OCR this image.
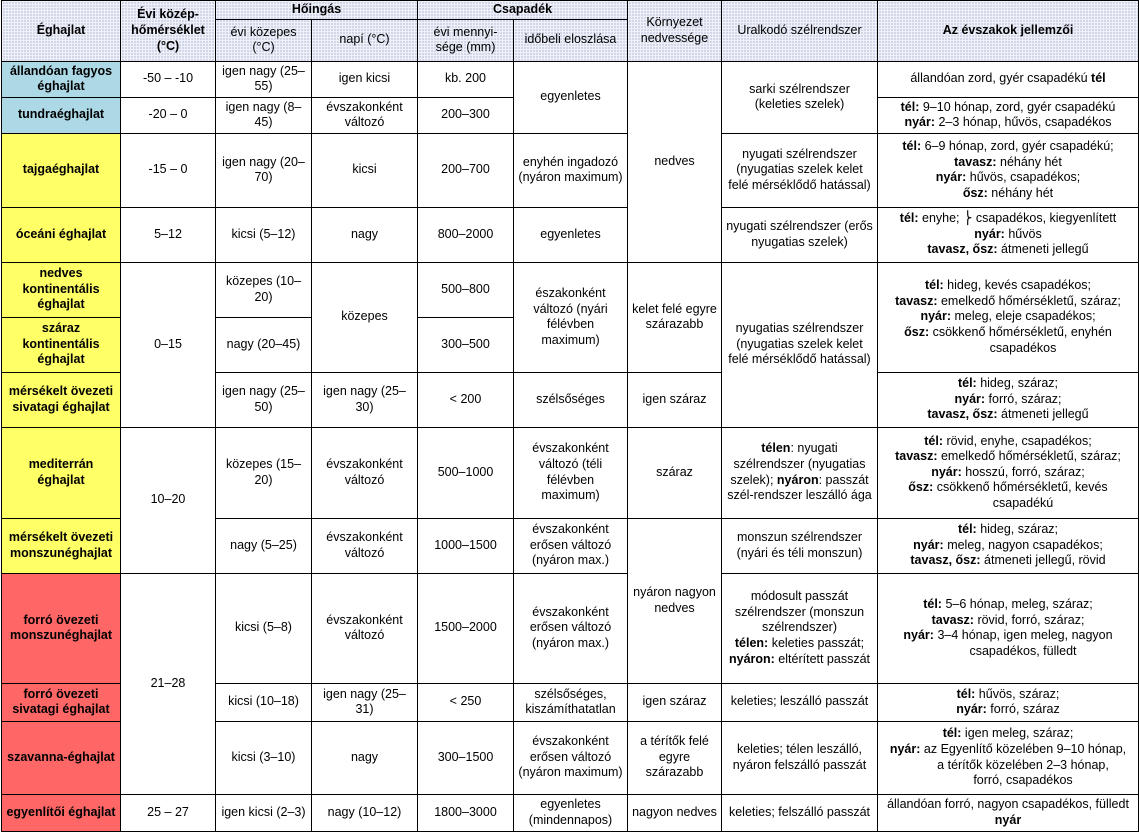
Éghajlat	Évi közép-hőmérséklet (°C)	Hőingás		Csapadék		Környezet nedvessége	Uralkodó szélrendszer	Az évszakok jellemzői
		évi közepes (°C)	napí (°C)	évi mennyi-sége (mm)	időbeli eloszlása			
állandóan fagyos éghajlat	-50 – -10	igen nagy (25–55)	igen kicsi	kb. 200	egyenletes	nedves	sarki szélrendszer (keleties szelek)	állandóan zord, gyér csapadékú tél
tundraéghajlat	-20 – 0	igen nagy (8–45)	évszakonként változó	200–300				tél: 9–10 hónap, zord, gyér csapadékú
nyár: 2–3 hónap, hűvös, csapadékos

tajgaéghajlat	-15 – 0	igen nagy (20–70)	kicsi	200–700	enyhén ingadozó (nyáron maximum)		nyugati szélrendszer (nyugatias szelek kelet felé mérséklődő hatással)	tél: 6–9 hónap, zord, gyér csapadékú;
tavasz: néhány hét
nyár: hűvös, csapadékos;
ősz: néhány hét

óceáni éghajlat	5–12	kicsi (5–12)	nagy	800–2000	egyenletes		nyugati szélrendszer (erős nyugatias szelek)	tél: enyhe; ⎬ csapadékos, kiegyenlített
nyár: hűvös
tavasz, ősz: átmeneti jellegű

nedves kontinentális éghajlat	0–15	közepes (10–20)	közepes	500–800	északonként változó (nyári félévben maximum)	kelet felé egyre szárazabb	nyugatias szélrendszer (nyugatias szelek kelet felé mérséklődő hatással)	tél: hideg, kevés csapadékos;
tavasz: emelkedő hőmérsékletű, száraz;
nyár: meleg, eleje csapadékos;
ősz: csökkenő hőmérsékletű, enyhén
csapadékos

száraz kontinentális éghajlat		nagy (20–45)		300–500				
mérsékelt övezeti sivatagi éghajlat		igen nagy (25–50)	igen nagy (25–30)	< 200	szélsőséges	igen száraz		tél: hideg, száraz;
nyár: forró, száraz;
tavasz, ősz: átmeneti jellegű

mediterrán éghajlat	10–20	közepes (15–20)	évszakonként változó	500–1000	évszakonként változó (téli félévben maximum)	száraz	télen: nyugati szélrendszer (nyugatias szelek); nyáron: passzát szél-rendszer leszálló ága	tél: rövid, enyhe, csapadékos;
tavasz: emelkedő hőmérsékletű, száraz;
nyár: hosszú, forró, száraz;
ősz: csökkenő hőmérsékletű, kevés
csapadékú

mérsékelt övezeti monszunéghajlat		nagy (5–25)	évszakonként változó	1000–1500	évszakonként erősen változó (nyáron max.)	nyáron nagyon nedves	monszun szélrendszer (nyári és téli monszun)	tél: hideg, száraz;
nyár: meleg, nagyon csapadékos;
tavasz, ősz: átmeneti jellegű, rövid

forró övezeti monszunéghajlat	21–28	kicsi (5–8)	évszakonként változó	1500–2000	évszakonként erősen változó (nyáron max.)		módosult passzát szélrendszer (monszun szélrendszer)
télen: keleties passzát;
nyáron: eltérített passzát	tél: 5–6 hónap, meleg, száraz;
tavasz: rövid, forró, száraz;
nyár: 3–4 hónap, igen meleg, nagyon
csapadékos, fülledt

forró övezeti sivatagi éghajlat		kicsi (10–18)	igen nagy (25–31)	< 250	szélsőséges, kiszámíthatatlan	igen száraz	keleties; leszálló passzát	tél: hűvös, száraz;
nyár: forró, száraz

szavanna-éghajlat		kicsi (3–10)	nagy	300–1500	évszakonként erősen változó (nyáron maximum)	a térítők felé egyre szárazabb	keleties; télen leszálló, nyáron felszálló passzát	tél: igen meleg, száraz;
nyár: az Egyenlítő közelében 9–10 hónap,
a térítők közelében 2–3 hónap,
forró, csapadékos

egyenlítői éghajlat	25 – 27	igen kicsi (2–3)	nagy (10–12)	1800–3000	egyenletes (mindennapos)	nagyon nedves	keleties; felszálló passzát	állandóan forró, nagyon csapadékos, fülledt nyár
